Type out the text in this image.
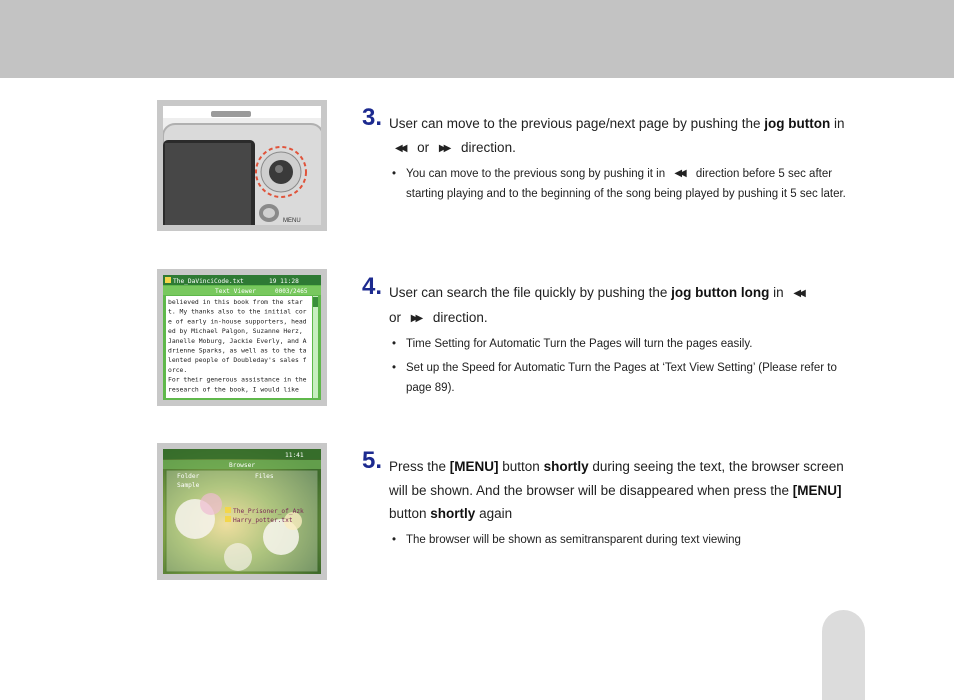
MENU
The_DaVinciCode.txt	19 11:28
Text Viewer	0003/2465
believed in this book from the star
t. My thanks also to the initial cor
e of early in-house supporters, head
ed by Michael Palgon, Suzanne Herz,
Janelle Moburg, Jackie Everly, and A
drienne Sparks, as well as to the ta
lented people of Doubleday's sales f
orce.
For their generous assistance in the
research of the book, I would like
11:41
Browser
Folder
Sample
Files
The_Prisoner_of_Azk
Harry_potter.txt
3. User can move to the previous page/next page by pushing the jog button in ◀◀ or ▶▶ direction.
• You can move to the previous song by pushing it in ◀◀ direction before 5 sec after starting playing and to the beginning of the song being played by pushing it 5 sec later.
4. User can search the file quickly by pushing the jog button long in ◀◀
or ▶▶ direction.
• Time Setting for Automatic Turn the Pages will turn the pages easily.
• Set up the Speed for Automatic Turn the Pages at ‘Text View Setting’ (Please refer to page 89).
5. Press the [MENU] button shortly during seeing the text, the browser screen will be shown. And the browser will be disappeared when press the [MENU] button shortly again
• The browser will be shown as semitransparent during text viewing
